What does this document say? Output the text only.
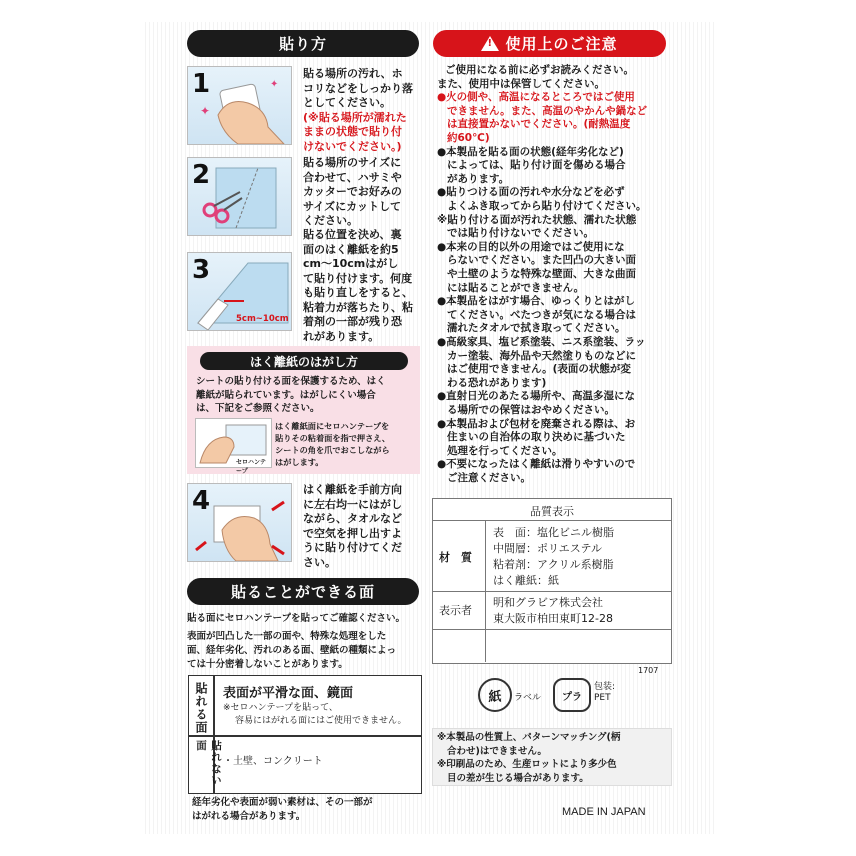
貼り方
1
✦
✦
貼る場所の汚れ、ホ
コリなどをしっかり落
としてください。
(※貼る場所が濡れた
ままの状態で貼り付
けないでください。)
2	貼る場所のサイズに
合わせて、ハサミや
カッターでお好みの
サイズにカットして
ください。
3
5cm~10cm
貼る位置を決め、裏
面のはく離紙を約5
cm～10cmはがし
て貼り付けます。何度
も貼り直しをすると、
粘着力が落ちたり、粘
着剤の一部が残り恐
れがあります。
はく離紙のはがし方
シートの貼り付ける面を保護するため、はく
離紙が貼られています。はがしにくい場合
は、下記をご参照ください。
セロハンテープ
はく離紙面にセロハンテープを
貼りその粘着面を指で押さえ、
シートの角を爪でおこしながら
はがします。
4	はく離紙を手前方向
に左右均一にはがし
ながら、タオルなど
で空気を押し出すよ
うに貼り付けてくだ
さい。
貼ることができる面
貼る面にセロハンテープを貼ってご確認ください。
表面が凹凸した一部の面や、特殊な処理をした
面、経年劣化、汚れのある面、壁紙の種類によっ
ては十分密着しないことがあります。
貼れる面 表面が平滑な面、鏡面
※セロハンテープを貼って、
容易にはがれる面にはご使用できません。
貼れない面
・土壁、コンクリート
経年劣化や表面が弱い素材は、その一部が
はがれる場合があります。
! 使用上のご注意
ご使用になる前に必ずお読みください。
また、使用中は保管してください。
●火の側や、高温になるところではご使用
できません。また、高温のやかんや鍋など
は直接置かないでください。(耐熱温度
約60℃)
●本製品を貼る面の状態(経年劣化など)
によっては、貼り付け面を傷める場合
があります。
●貼りつける面の汚れや水分などを必ず
よくふき取ってから貼り付けてください。
※貼り付ける面が汚れた状態、濡れた状態
では貼り付けないでください。
●本来の目的以外の用途ではご使用にな
らないでください。また凹凸の大きい面
や土壁のような特殊な壁面、大きな曲面
には貼ることができません。
●本製品をはがす場合、ゆっくりとはがし
てください。べたつきが気になる場合は
濡れたタオルで拭き取ってください。
●高級家具、塩ビ系塗装、ニス系塗装、ラッ
カー塗装、海外品や天然塗りものなどに
はご使用できません。(表面の状態が変
わる恐れがあります)
●直射日光のあたる場所や、高温多湿にな
る場所での保管はおやめください。
●本製品および包材を廃棄される際は、お
住まいの自治体の取り決めに基づいた
処理を行ってください。
●不要になったはく離紙は滑りやすいので
ご注意ください。
品質表示
材　質
表　面：塩化ビニル樹脂
中間層：ポリエステル
粘着剤：アクリル系樹脂
はく離紙：紙
表示者
明和グラビア株式会社
東大阪市柏田東町12-28
1707
紙 ラベル プラ
包装:
PET
※本製品の性質上、パターンマッチング(柄
合わせ)はできません。
※印刷品のため、生産ロットにより多少色
目の差が生じる場合があります。
MADE IN JAPAN
